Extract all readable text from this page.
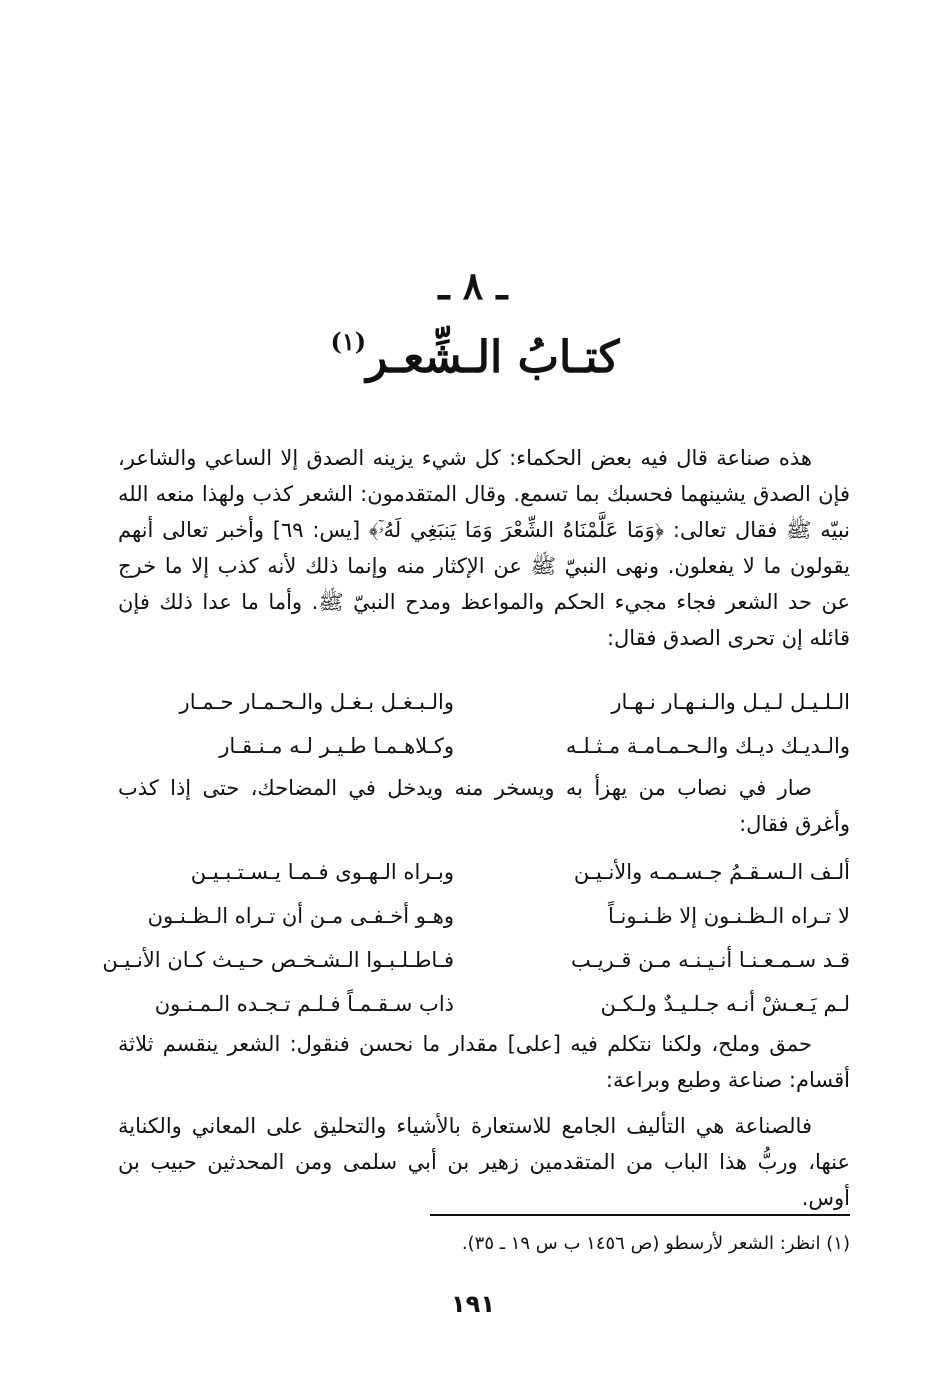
ـ ٨ ـ
كتـابُ الـشِّعـر$^{(١)}$

هذه صناعة قال فيه بعض الحكماء: كل شيء يزينه الصدق إلا الساعي والشاعر، فإن الصدق يشينهما فحسبك بما تسمع. وقال المتقدمون: الشعر كذب ولهذا منعه الله نبيّه ﷺ فقال تعالى: ﴿وَمَا عَلَّمْنَاهُ الشِّعْرَ وَمَا يَنبَغِي لَهُۥٓ﴾ [يس: ٦٩] وأخبر تعالى أنهم يقولون ما لا يفعلون. ونهى النبيّ ﷺ عن الإكثار منه وإنما ذلك لأنه كذب إلا ما خرج عن حد الشعر فجاء مجيء الحكم والمواعظ ومدح النبيّ ﷺ. وأما ما عدا ذلك فإن قائله إن تحرى الصدق فقال:

الـلـيـل لـيـل والـنـهـار نـهـار
والـبـغـل بـغـل والـحـمـار حـمـار
والـديـك ديـك والـحـمـامـة مـثـلـه
وكـلاهـمـا طـيـر لـه مـنـقـار

صار في نصاب من يهزأ به ويسخر منه ويدخل في المضاحك، حتى إذا كذب وأغرق فقال:

ألـف الـسـقـمُ جـسـمـه والأنـيـن
وبـراه الـهـوى فـمـا يـسـتـبـيـن
لا تـراه الـظـنـون إلا ظـنـونـاً
وهـو أخـفـى مـن أن تـراه الـظـنـون
قـد سـمـعـنـا أنـيـنـه مـن قـريـب
فـاطـلـبـوا الـشـخـص حـيـث كـان الأنـيـن
لـم يَـعـشْ أنـه جـلـيـدٌ ولـكـن
ذاب سـقـمـاً فـلـم تـجـده الـمـنـون

حمق وملح، ولكنا نتكلم فيه [على] مقدار ما نحسن فنقول: الشعر ينقسم ثلاثة أقسام: صناعة وطبع وبراعة:

فالصناعة هي التأليف الجامع للاستعارة بالأشياء والتحليق على المعاني والكناية عنها، وربُّ هذا الباب من المتقدمين زهير بن أبي سلمى ومن المحدثين حبيب بن أوس.

(١) انظر: الشعر لأرسطو (ص ١٤٥٦ ب س ١٩ ـ ٣٥).
١٩١
